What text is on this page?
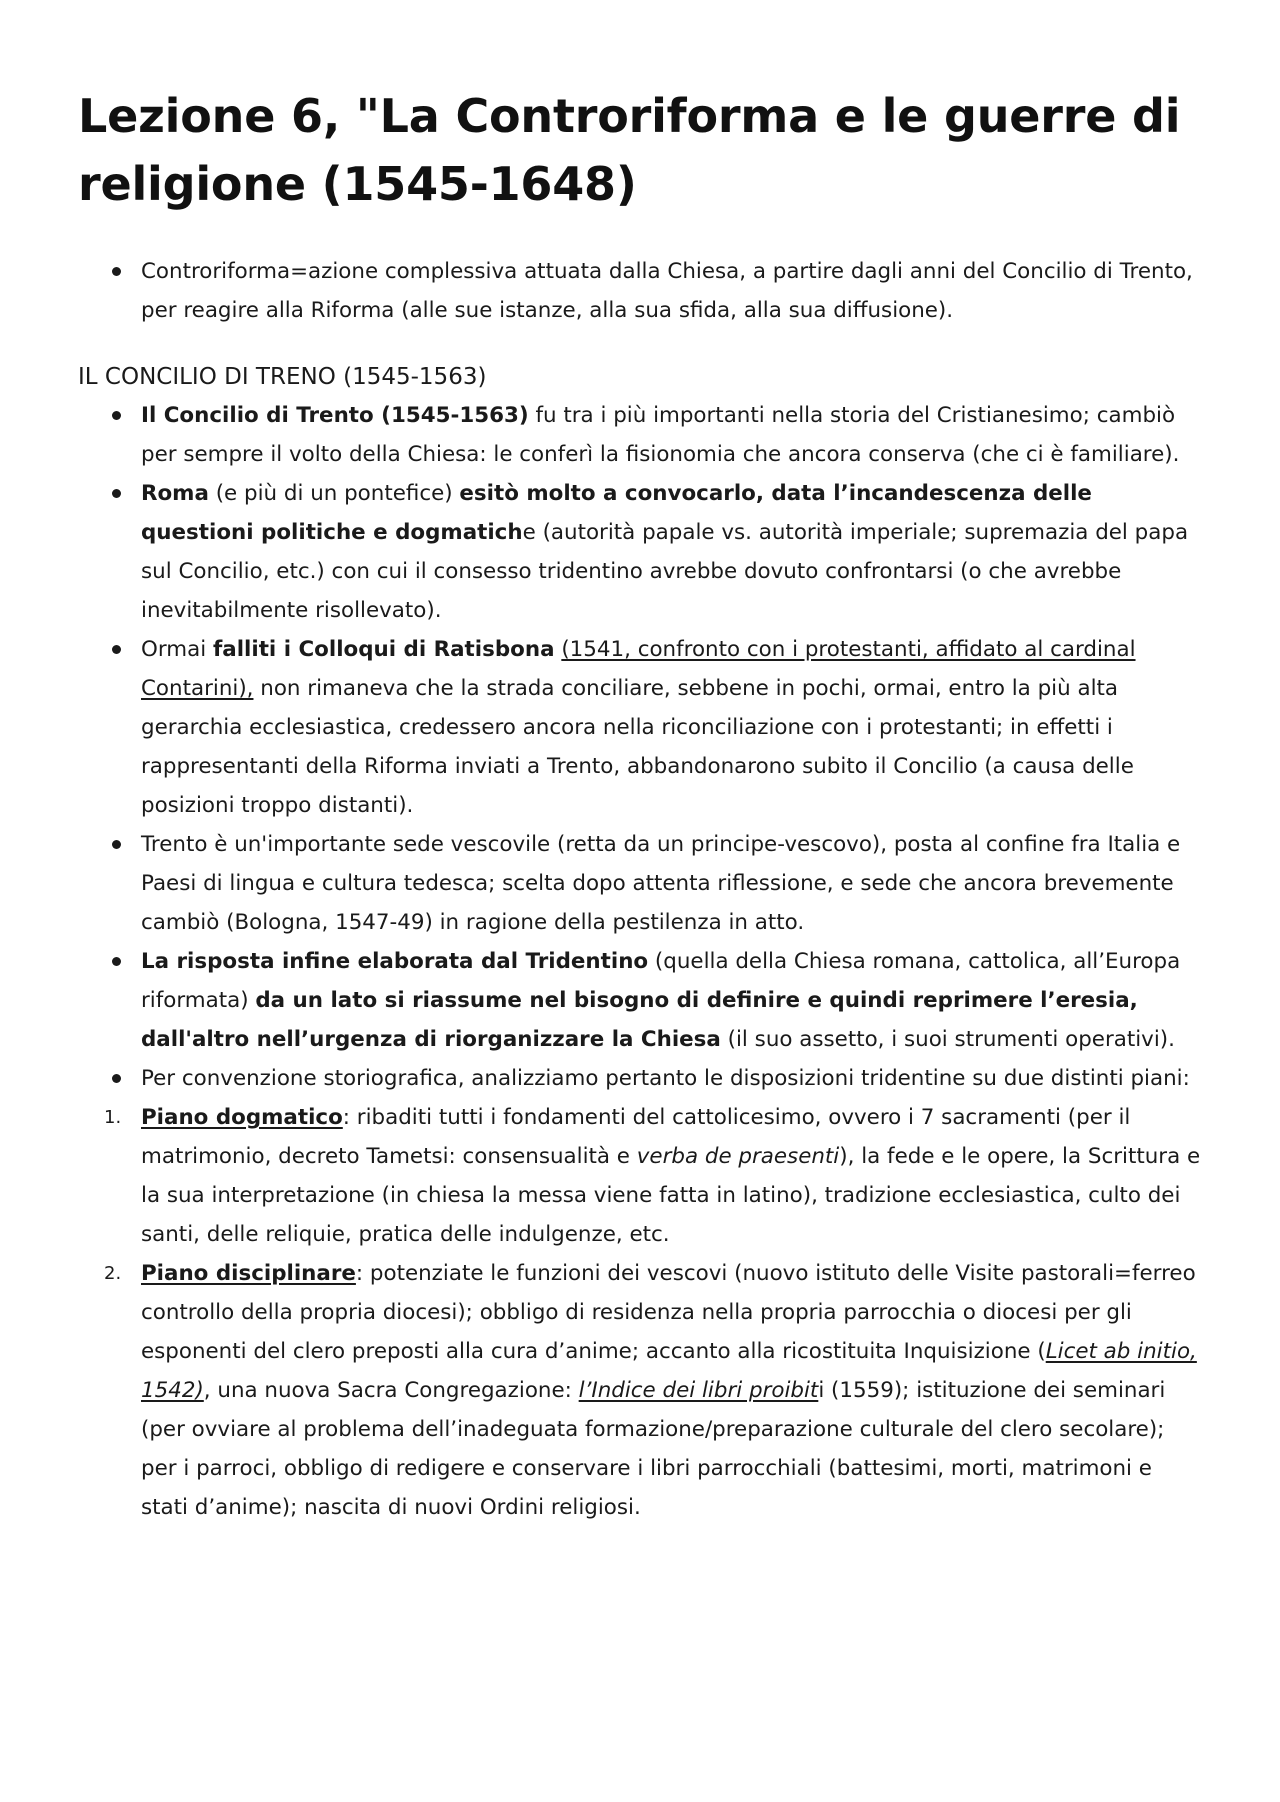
Lezione 6, "La Controriforma e le guerre di religione (1545-1648)
Controriforma=azione complessiva attuata dalla Chiesa, a partire dagli anni del Concilio di Trento, per reagire alla Riforma (alle sue istanze, alla sua sfida, alla sua diffusione).
IL CONCILIO DI TRENO (1545-1563)
Il Concilio di Trento (1545-1563) fu tra i più importanti nella storia del Cristianesimo; cambiò per sempre il volto della Chiesa: le conferì la fisionomia che ancora conserva (che ci è familiare).
Roma (e più di un pontefice) esitò molto a convocarlo, data l’incandescenza delle questioni politiche e dogmatiche (autorità papale vs. autorità imperiale; supremazia del papa sul Concilio, etc.) con cui il consesso tridentino avrebbe dovuto confrontarsi (o che avrebbe inevitabilmente risollevato).
Ormai falliti i Colloqui di Ratisbona (1541, confronto con i protestanti, affidato al cardinal Contarini), non rimaneva che la strada conciliare, sebbene in pochi, ormai, entro la più alta gerarchia ecclesiastica, credessero ancora nella riconciliazione con i protestanti; in effetti i rappresentanti della Riforma inviati a Trento, abbandonarono subito il Concilio (a causa delle posizioni troppo distanti).
Trento è un'importante sede vescovile (retta da un principe-vescovo), posta al confine fra Italia e Paesi di lingua e cultura tedesca; scelta dopo attenta riflessione, e sede che ancora brevemente cambiò (Bologna, 1547-49) in ragione della pestilenza in atto.
La risposta infine elaborata dal Tridentino (quella della Chiesa romana, cattolica, all’Europa riformata) da un lato si riassume nel bisogno di definire e quindi reprimere l’eresia, dall'altro nell’urgenza di riorganizzare la Chiesa (il suo assetto, i suoi strumenti operativi).
Per convenzione storiografica, analizziamo pertanto le disposizioni tridentine su due distinti piani:
1. Piano dogmatico: ribaditi tutti i fondamenti del cattolicesimo, ovvero i 7 sacramenti (per il matrimonio, decreto Tametsi: consensualità e verba de praesenti), la fede e le opere, la Scrittura e la sua interpretazione (in chiesa la messa viene fatta in latino), tradizione ecclesiastica, culto dei santi, delle reliquie, pratica delle indulgenze, etc.
2. Piano disciplinare: potenziate le funzioni dei vescovi (nuovo istituto delle Visite pastorali=ferreo controllo della propria diocesi); obbligo di residenza nella propria parrocchia o diocesi per gli esponenti del clero preposti alla cura d’anime; accanto alla ricostituita Inquisizione (Licet ab initio, 1542), una nuova Sacra Congregazione: l’Indice dei libri proibiti (1559); istituzione dei seminari (per ovviare al problema dell’inadeguata formazione/preparazione culturale del clero secolare); per i parroci, obbligo di redigere e conservare i libri parrocchiali (battesimi, morti, matrimoni e stati d’anime); nascita di nuovi Ordini religiosi.
